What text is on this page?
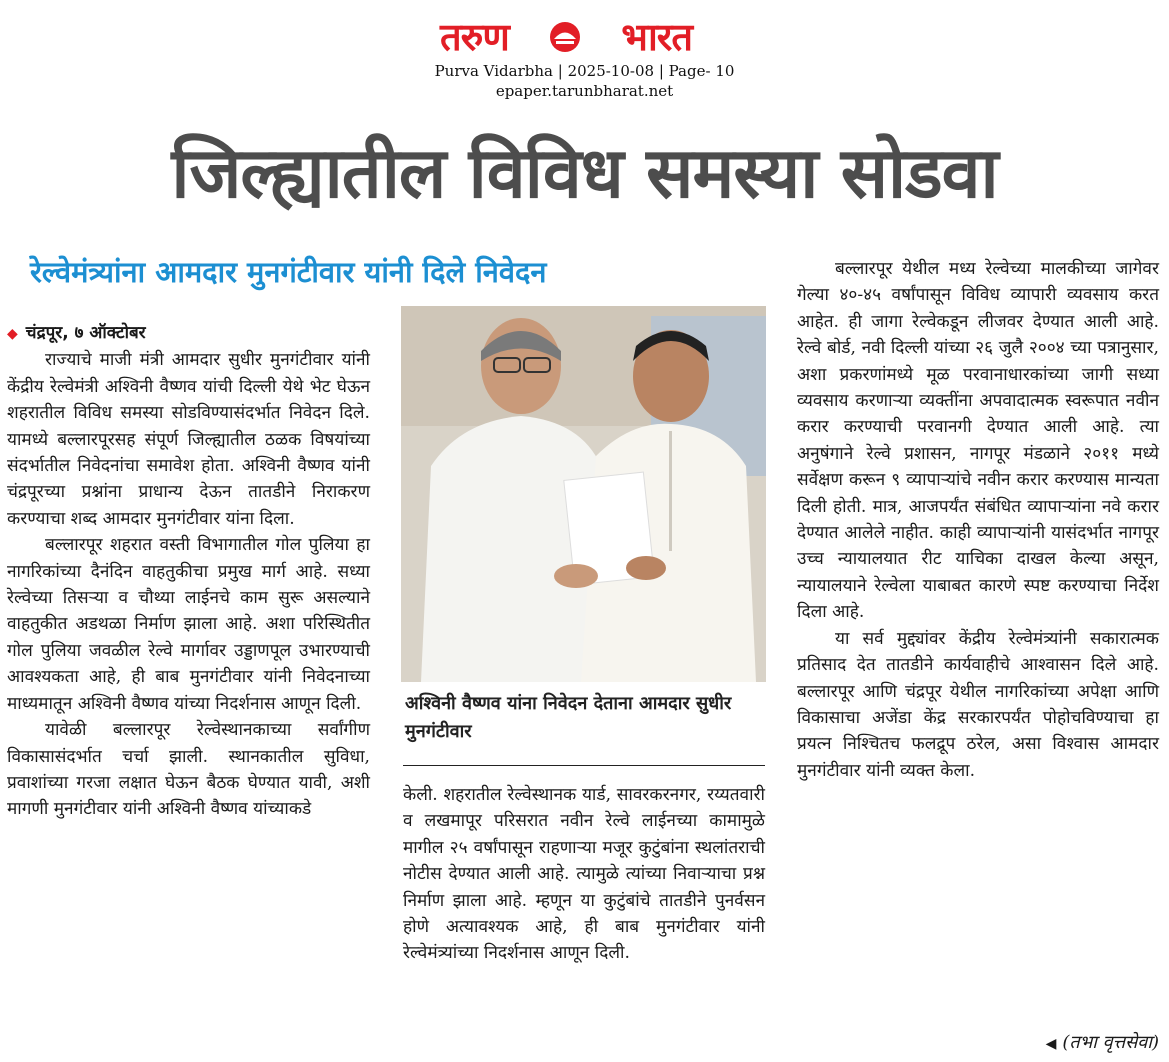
तरुण	भारत
Purva Vidarbha | 2025-10-08 | Page- 10
epaper.tarunbharat.net
जिल्ह्यातील विविध समस्या सोडवा
रेल्वेमंत्र्यांना आमदार मुनगंटीवार यांनी दिले निवेदन
◆ चंद्रपूर, ७ ऑक्टोबर

राज्याचे माजी मंत्री आमदार सुधीर मुनगंटीवार यांनी केंद्रीय रेल्वेमंत्री अश्विनी वैष्णव यांची दिल्ली येथे भेट घेऊन शहरातील विविध समस्या सोडविण्यासंदर्भात निवेदन दिले. यामध्ये बल्लारपूरसह संपूर्ण जिल्ह्यातील ठळक विषयांच्या संदर्भातील निवेदनांचा समावेश होता. अश्विनी वैष्णव यांनी चंद्रपूरच्या प्रश्नांना प्राधान्य देऊन तातडीने निराकरण करण्याचा शब्द आमदार मुनगंटीवार यांना दिला.

बल्लारपूर शहरात वस्ती विभागातील गोल पुलिया हा नागरिकांच्या दैनंदिन वाहतुकीचा प्रमुख मार्ग आहे. सध्या रेल्वेच्या तिसऱ्या व चौथ्या लाईनचे काम सुरू असल्याने वाहतुकीत अडथळा निर्माण झाला आहे. अशा परिस्थितीत गोल पुलिया जवळील रेल्वे मार्गावर उड्डाणपूल उभारण्याची आवश्यकता आहे, ही बाब मुनगंटीवार यांनी निवेदनाच्या माध्यमातून अश्विनी वैष्णव यांच्या निदर्शनास आणून दिली.

यावेळी बल्लारपूर रेल्वेस्थानकाच्या सर्वांगीण विकासासंदर्भात चर्चा झाली. स्थानकातील सुविधा, प्रवाशांच्या गरजा लक्षात घेऊन बैठक घेण्यात यावी, अशी मागणी मुनगंटीवार यांनी अश्विनी वैष्णव यांच्याकडे

अश्विनी वैष्णव यांना निवेदन देताना आमदार सुधीर मुनगंटीवार

केली. शहरातील रेल्वेस्थानक यार्ड, सावरकरनगर, रय्यतवारी व लखमापूर परिसरात नवीन रेल्वे लाईनच्या कामामुळे मागील २५ वर्षांपासून राहणाऱ्या मजूर कुटुंबांना स्थलांतराची नोटीस देण्यात आली आहे. त्यामुळे त्यांच्या निवाऱ्याचा प्रश्न निर्माण झाला आहे. म्हणून या कुटुंबांचे तातडीने पुनर्वसन होणे अत्यावश्यक आहे, ही बाब मुनगंटीवार यांनी रेल्वेमंत्र्यांच्या निदर्शनास आणून दिली.

बल्लारपूर येथील मध्य रेल्वेच्या मालकीच्या जागेवर गेल्या ४०-४५ वर्षांपासून विविध व्यापारी व्यवसाय करत आहेत. ही जागा रेल्वेकडून लीजवर देण्यात आली आहे. रेल्वे बोर्ड, नवी दिल्ली यांच्या २६ जुलै २००४ च्या पत्रानुसार, अशा प्रकरणांमध्ये मूळ परवानाधारकांच्या जागी सध्या व्यवसाय करणाऱ्या व्यक्तींना अपवादात्मक स्वरूपात नवीन करार करण्याची परवानगी देण्यात आली आहे. त्या अनुषंगाने रेल्वे प्रशासन, नागपूर मंडळाने २०११ मध्ये सर्वेक्षण करून ९ व्यापाऱ्यांचे नवीन करार करण्यास मान्यता दिली होती. मात्र, आजपर्यंत संबंधित व्यापाऱ्यांना नवे करार देण्यात आलेले नाहीत. काही व्यापाऱ्यांनी यासंदर्भात नागपूर उच्च न्यायालयात रीट याचिका दाखल केल्या असून, न्यायालयाने रेल्वेला याबाबत कारणे स्पष्ट करण्याचा निर्देश दिला आहे.

या सर्व मुद्द्यांवर केंद्रीय रेल्वेमंत्र्यांनी सकारात्मक प्रतिसाद देत तातडीने कार्यवाहीचे आश्वासन दिले आहे. बल्लारपूर आणि चंद्रपूर येथील नागरिकांच्या अपेक्षा आणि विकासाचा अजेंडा केंद्र सरकारपर्यंत पोहोचविण्याचा हा प्रयत्न निश्चितच फलद्रूप ठरेल, असा विश्वास आमदार मुनगंटीवार यांनी व्यक्त केला.

◀ (तभा वृत्तसेवा)
